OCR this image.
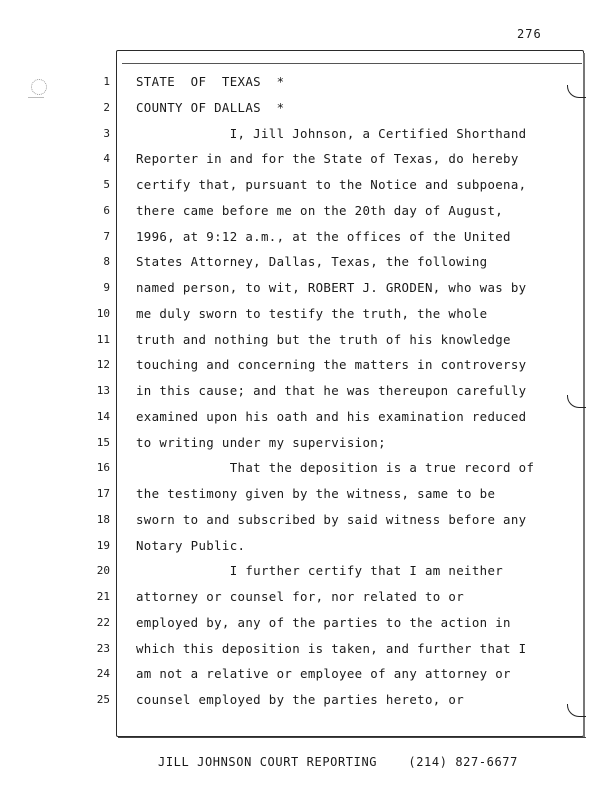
276
1 STATE  OF  TEXAS  *
2 COUNTY OF DALLAS  *
3 I, Jill Johnson, a Certified Shorthand
4 Reporter in and for the State of Texas, do hereby
5 certify that, pursuant to the Notice and subpoena,
6 there came before me on the 20th day of August,
7 1996, at 9:12 a.m., at the offices of the United
8 States Attorney, Dallas, Texas, the following
9 named person, to wit, ROBERT J. GRODEN, who was by
10 me duly sworn to testify the truth, the whole
11 truth and nothing but the truth of his knowledge
12 touching and concerning the matters in controversy
13 in this cause; and that he was thereupon carefully
14 examined upon his oath and his examination reduced
15 to writing under my supervision;
16 That the deposition is a true record of
17 the testimony given by the witness, same to be
18 sworn to and subscribed by said witness before any
19 Notary Public.
20 I further certify that I am neither
21 attorney or counsel for, nor related to or
22 employed by, any of the parties to the action in
23 which this deposition is taken, and further that I
24 am not a relative or employee of any attorney or
25 counsel employed by the parties hereto, or
JILL JOHNSON COURT REPORTING	(214) 827-6677
